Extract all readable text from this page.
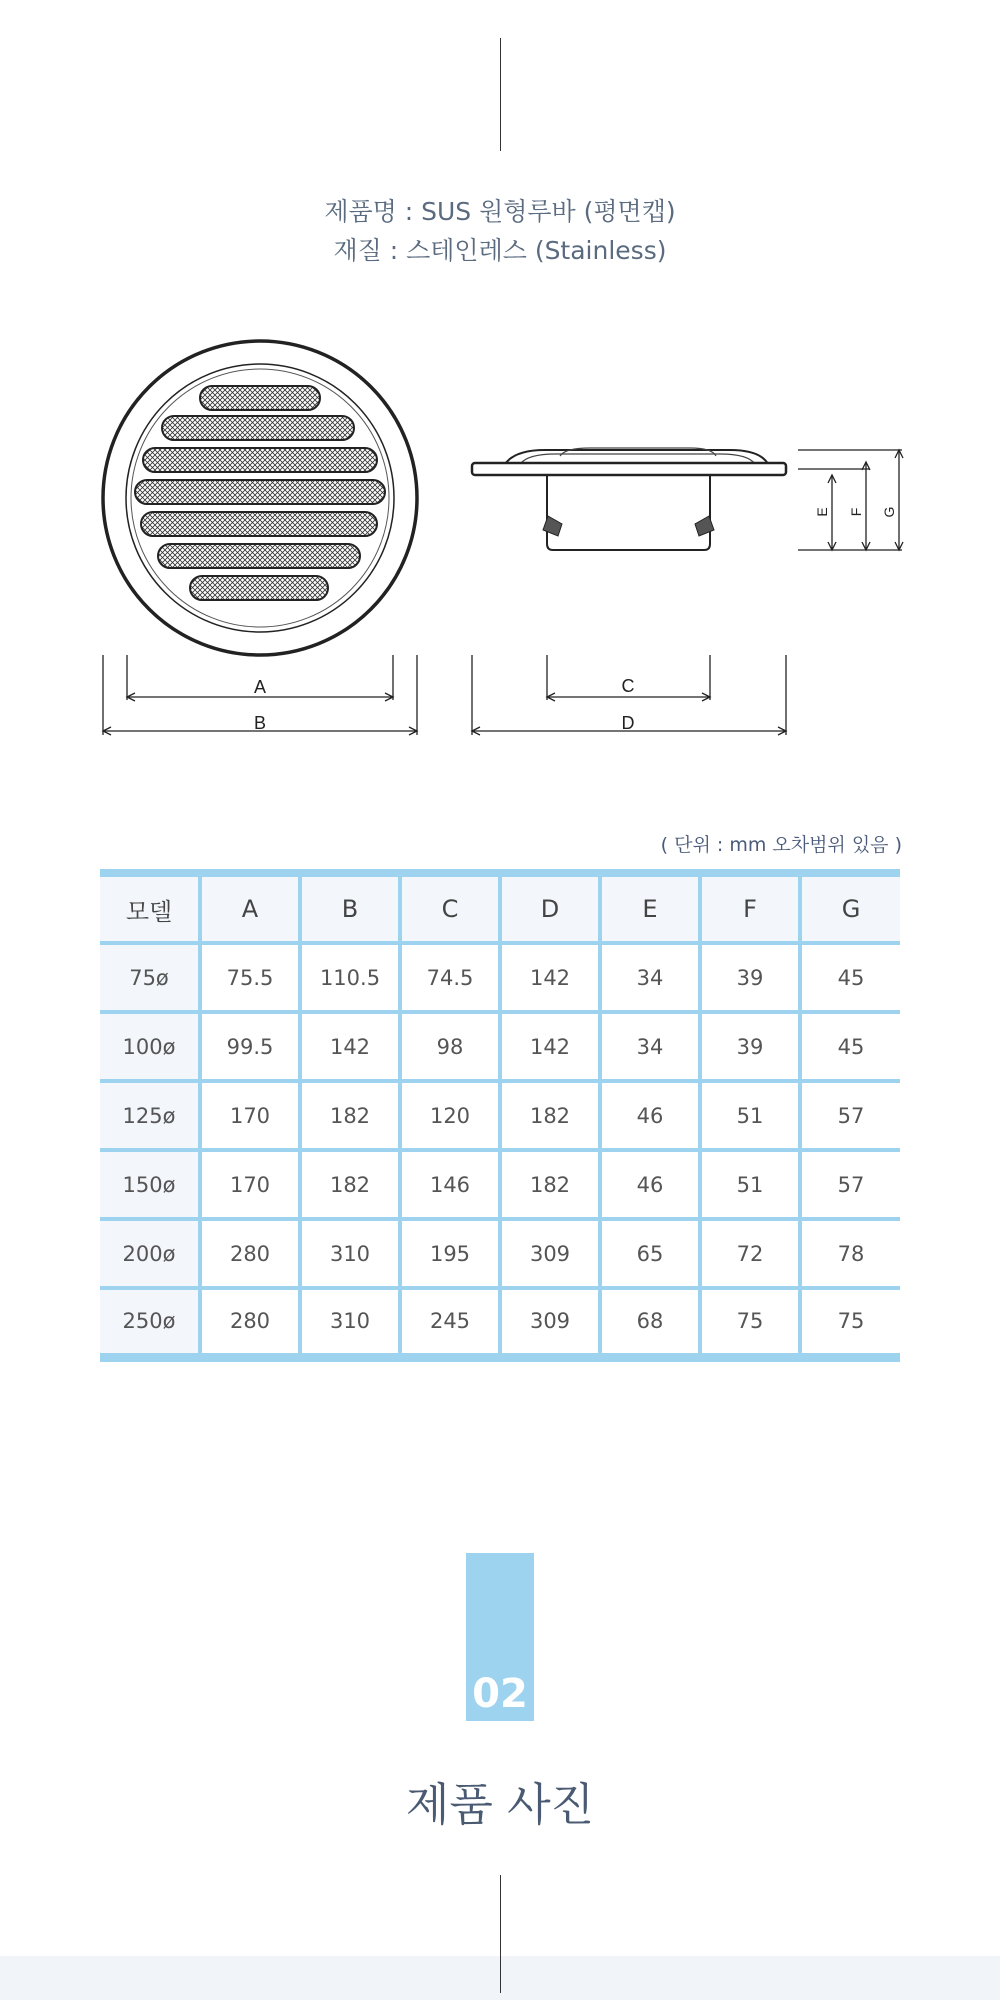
제품명 : SUS 원형루바 (평면캡)
재질 : 스테인레스 (Stainless)
A
B
C
D
E F G
( 단위 : mm 오차범위 있음 )
모델	A	B	C	D	E	F	G
75ø	75.5	110.5	74.5	142	34	39	45
100ø	99.5	142	98	142	34	39	45
125ø	170	182	120	182	46	51	57
150ø	170	182	146	182	46	51	57
200ø	280	310	195	309	65	72	78
250ø	280	310	245	309	68	75	75
02
제품 사진
